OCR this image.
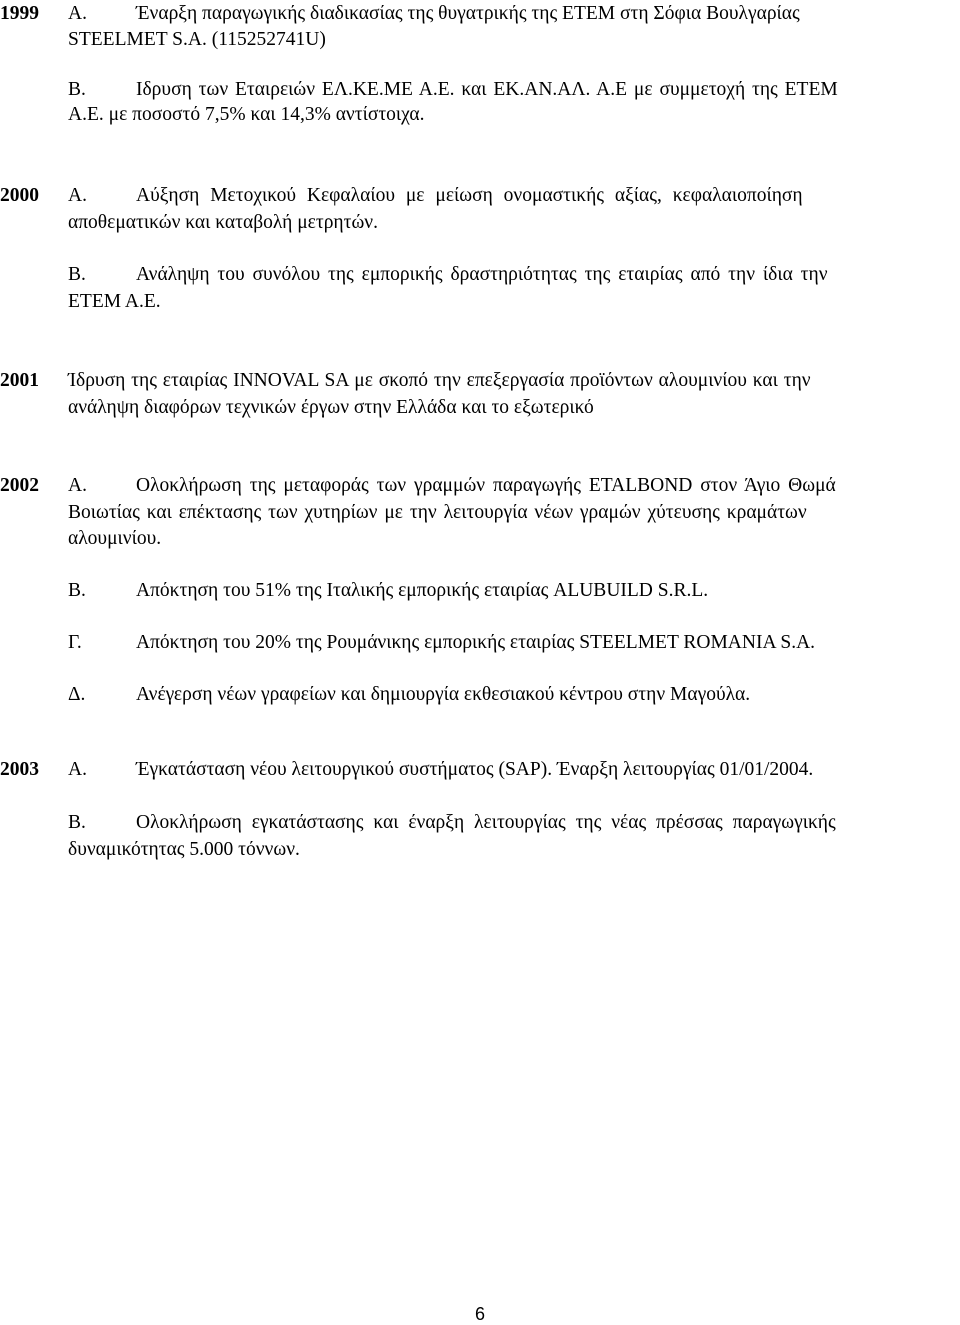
1999 Α.	Έναρξη παραγωγικής διαδικασίας της θυγατρικής της ΕΤΕΜ στη Σόφια Βουλγαρίας
STEELMET S.A. (115252741U)
Β.	Ιδρυση των Εταιρειών ΕΛ.ΚΕ.ΜΕ Α.Ε. και ΕΚ.ΑΝ.ΑΛ. Α.Ε με συμμετοχή της ΕΤΕΜ
Α.Ε. με ποσοστό 7,5% και 14,3% αντίστοιχα.
2000 Α.	Αύξηση Μετοχικού Κεφαλαίου με μείωση ονομαστικής αξίας, κεφαλαιοποίηση
αποθεματικών και καταβολή μετρητών.
Β.	Ανάληψη του συνόλου της εμπορικής δραστηριότητας της εταιρίας από την ίδια την
ΕΤΕΜ Α.Ε.
2001 Ίδρυση της εταιρίας INNOVAL SA με σκοπό την επεξεργασία προϊόντων αλουμινίου και την
ανάληψη διαφόρων τεχνικών έργων στην Ελλάδα και το εξωτερικό
2002 Α.	Ολοκλήρωση της μεταφοράς των γραμμών παραγωγής ETALBOND στον Άγιο Θωμά
Βοιωτίας και επέκτασης των χυτηρίων με την λειτουργία νέων γραμών χύτευσης κραμάτων
αλουμινίου.
Β.	Απόκτηση του 51% της Ιταλικής εμπορικής εταιρίας ALUBUILD S.R.L.
Γ.	Απόκτηση του 20% της Ρουμάνικης εμπορικής εταιρίας STEELMET ROMANIA S.A.
Δ.	Ανέγερση νέων γραφείων και δημιουργία εκθεσιακού κέντρου στην Μαγούλα.
2003 Α.	Έγκατάσταση νέου λειτουργικού συστήματος (SAP). Έναρξη λειτουργίας 01/01/2004.
Β.	Ολοκλήρωση εγκατάστασης και έναρξη λειτουργίας της νέας πρέσσας παραγωγικής
δυναμικότητας 5.000 τόννων.
6
